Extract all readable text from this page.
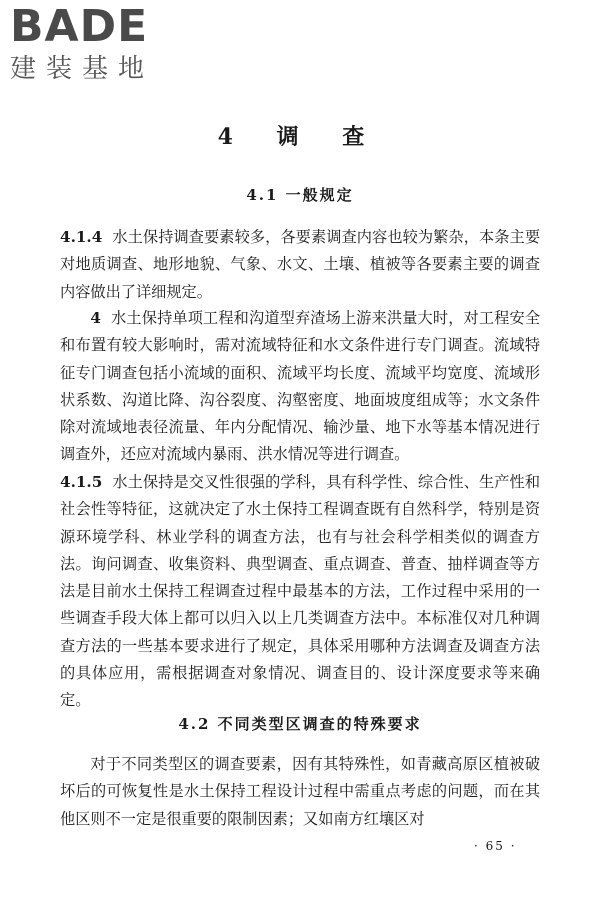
BADE
建装基地
4 调 查
4.1 一般规定

4.1.4 水土保持调查要素较多，各要素调查内容也较为繁杂，本条主要对地质调查、地形地貌、气象、水文、土壤、植被等各要素主要的调查内容做出了详细规定。

4 水土保持单项工程和沟道型弃渣场上游来洪量大时，对工程安全和布置有较大影响时，需对流域特征和水文条件进行专门调查。流域特征专门调查包括小流域的面积、流域平均长度、流域平均宽度、流域形状系数、沟道比降、沟谷裂度、沟壑密度、地面坡度组成等；水文条件除对流域地表径流量、年内分配情况、输沙量、地下水等基本情况进行调查外，还应对流域内暴雨、洪水情况等进行调查。

4.1.5 水土保持是交叉性很强的学科，具有科学性、综合性、生产性和社会性等特征，这就决定了水土保持工程调查既有自然科学，特别是资源环境学科、林业学科的调查方法，也有与社会科学相类似的调查方法。询问调查、收集资料、典型调查、重点调查、普查、抽样调查等方法是目前水土保持工程调查过程中最基本的方法，工作过程中采用的一些调查手段大体上都可以归入以上几类调查方法中。本标准仅对几种调查方法的一些基本要求进行了规定，具体采用哪种方法调查及调查方法的具体应用，需根据调查对象情况、调查目的、设计深度要求等来确定。

4.2 不同类型区调查的特殊要求

对于不同类型区的调查要素，因有其特殊性，如青藏高原区植被破坏后的可恢复性是水土保持工程设计过程中需重点考虑的问题，而在其他区则不一定是很重要的限制因素；又如南方红壤区对

· 65 ·
